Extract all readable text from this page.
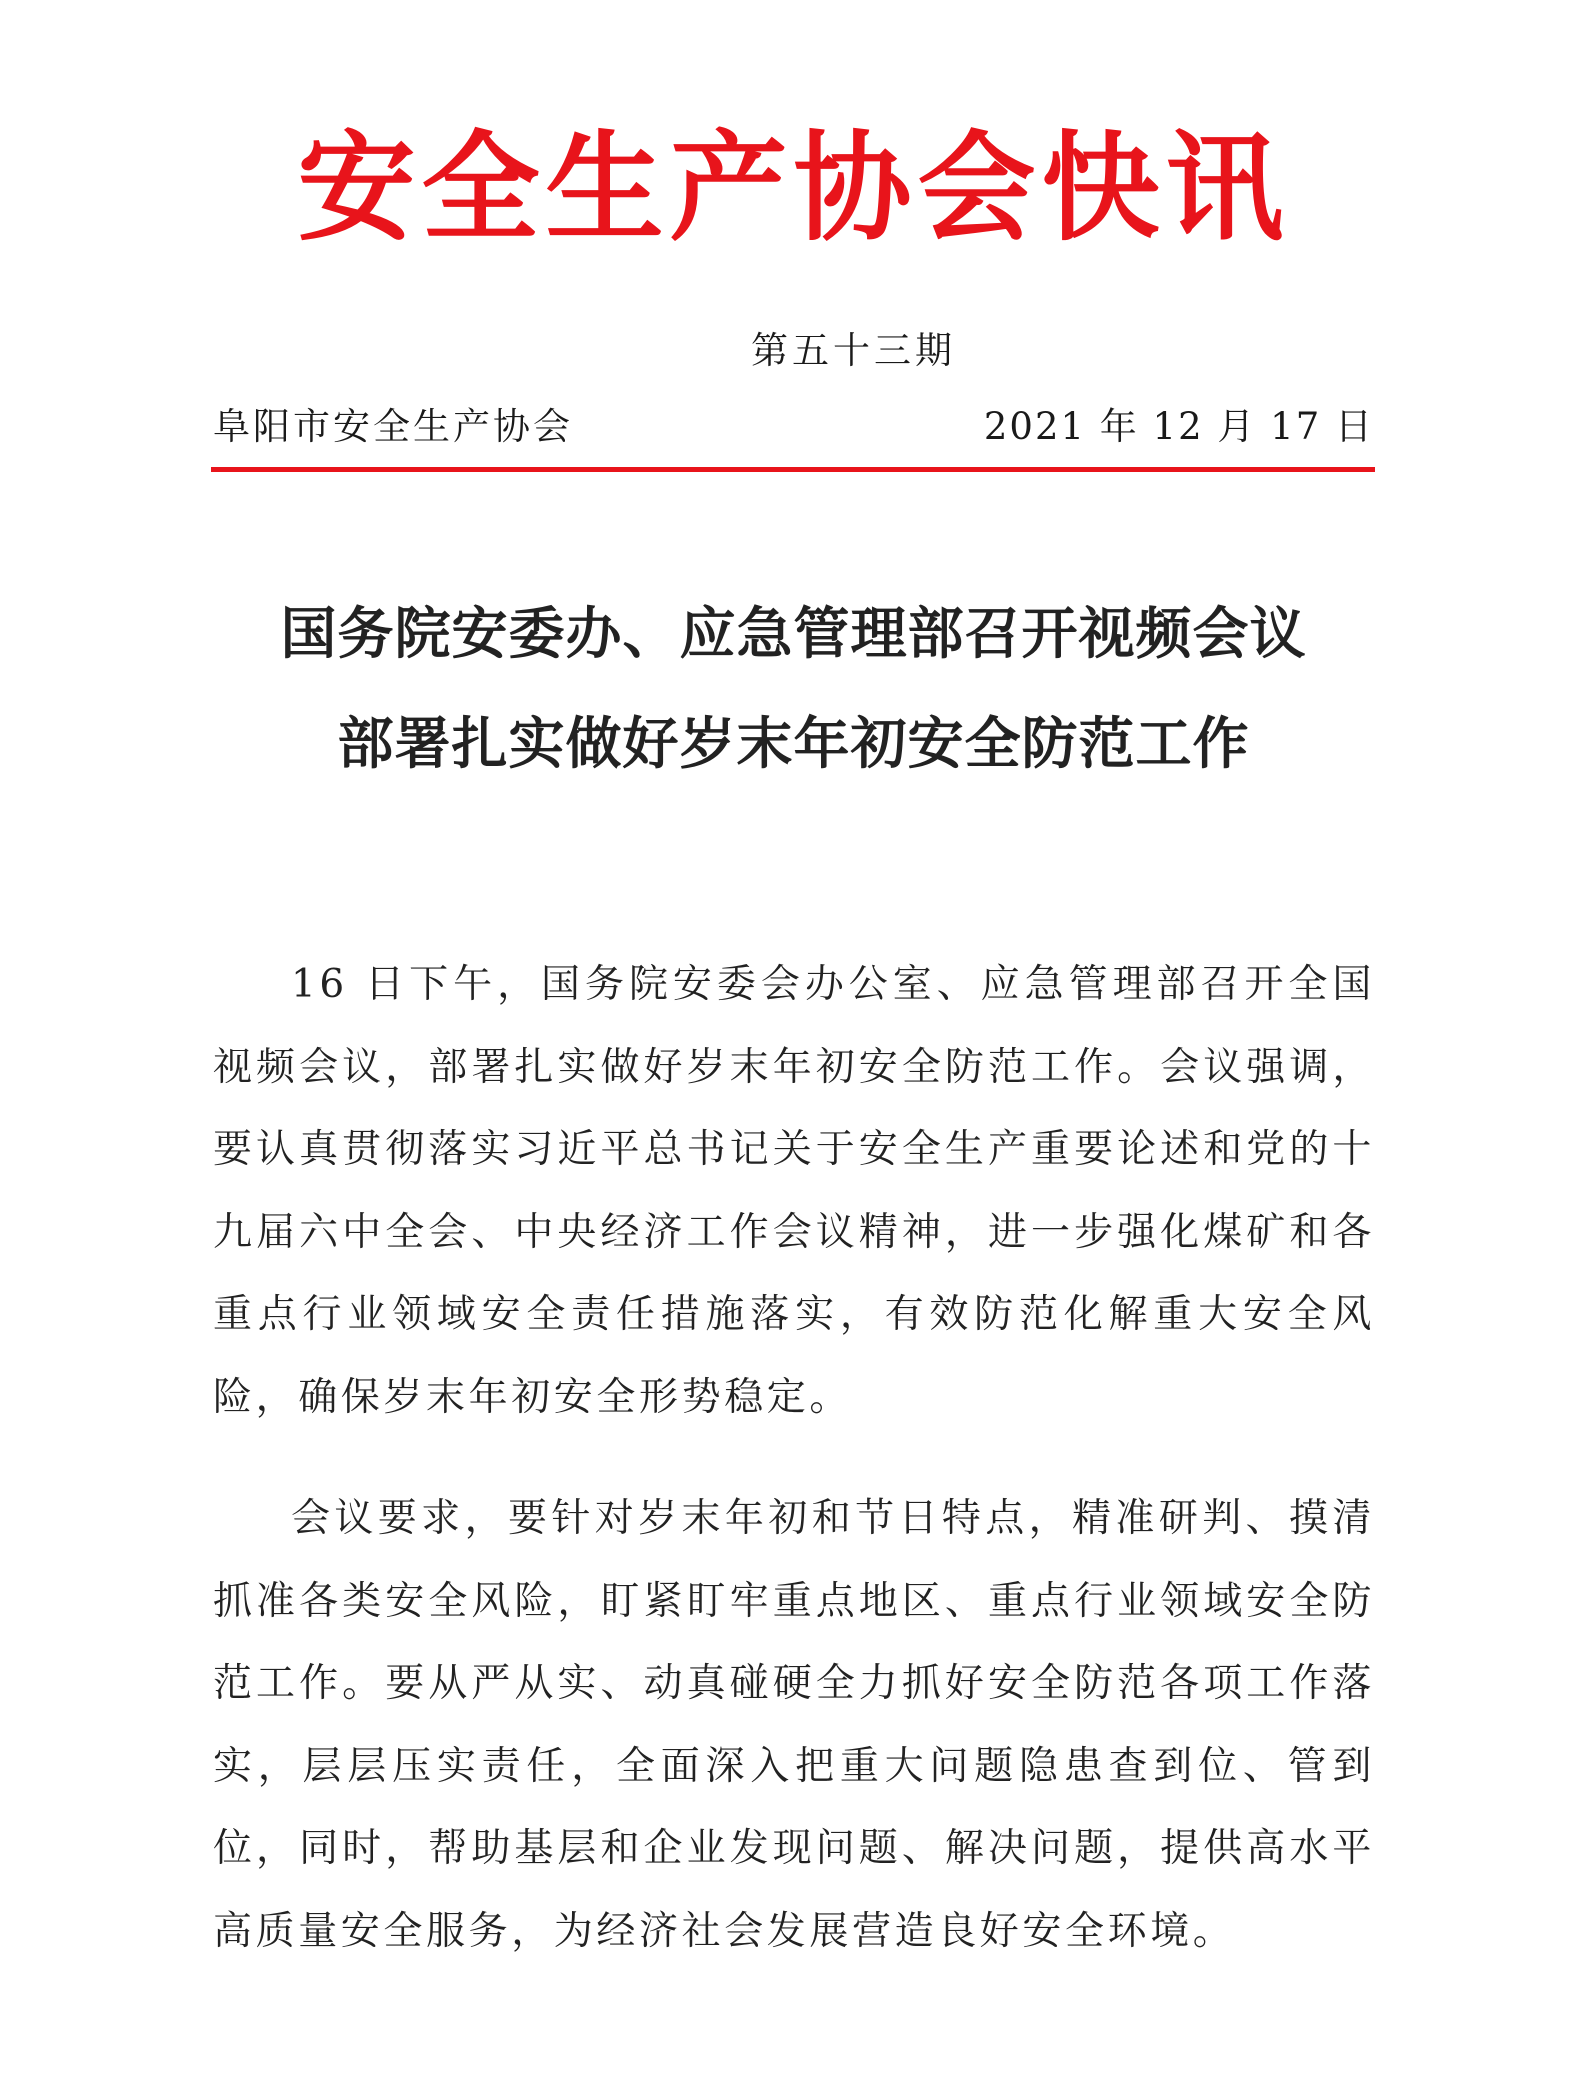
安全生产协会快讯
第五十三期
阜阳市安全生产协会	2021 年 12 月 17 日
国务院安委办、应急管理部召开视频会议
部署扎实做好岁末年初安全防范工作

16 日下午，国务院安委会办公室、应急管理部召开全国视频会议，部署扎实做好岁末年初安全防范工作。会议强调，要认真贯彻落实习近平总书记关于安全生产重要论述和党的十九届六中全会、中央经济工作会议精神，进一步强化煤矿和各重点行业领域安全责任措施落实，有效防范化解重大安全风险，确保岁末年初安全形势稳定。

会议要求，要针对岁末年初和节日特点，精准研判、摸清抓准各类安全风险，盯紧盯牢重点地区、重点行业领域安全防范工作。要从严从实、动真碰硬全力抓好安全防范各项工作落实，层层压实责任，全面深入把重大问题隐患查到位、管到位，同时，帮助基层和企业发现问题、解决问题，提供高水平高质量安全服务，为经济社会发展营造良好安全环境。
